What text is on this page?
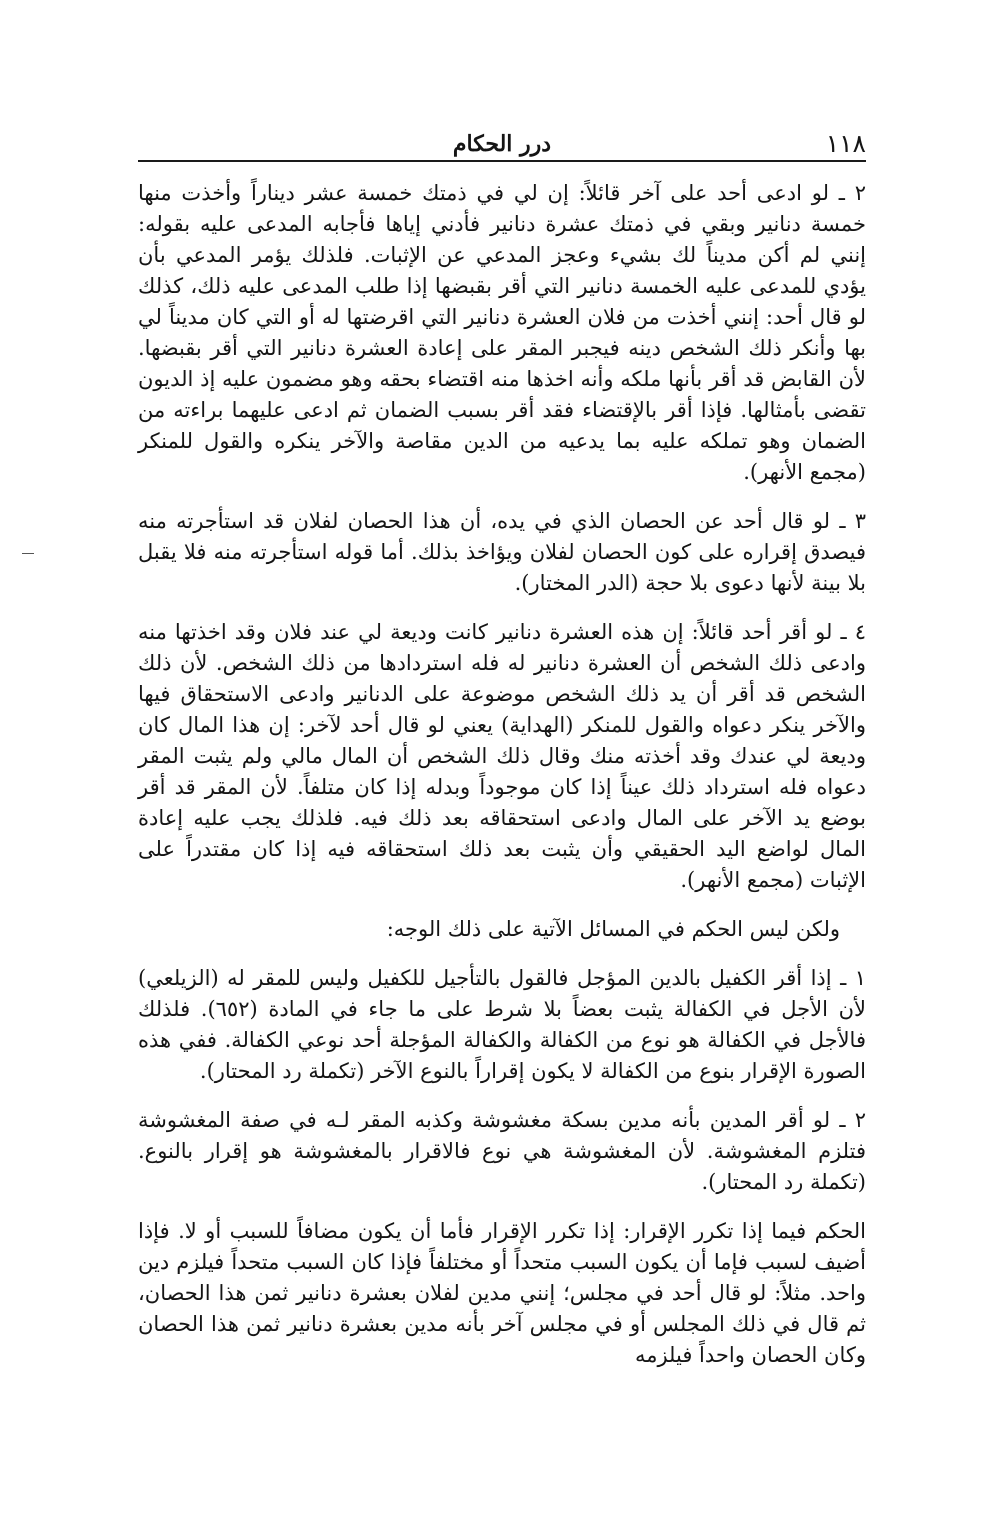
١١٨
درر الحكام

٢ ـ لو ادعى أحد على آخر قائلاً: إن لي في ذمتك خمسة عشر ديناراً وأخذت منها خمسة دنانير وبقي في ذمتك عشرة دنانير فأدني إياها فأجابه المدعى عليه بقوله: إنني لم أكن مديناً لك بشيء وعجز المدعي عن الإثبات. فلذلك يؤمر المدعي بأن يؤدي للمدعى عليه الخمسة دنانير التي أقر بقبضها إذا طلب المدعى عليه ذلك، كذلك لو قال أحد: إنني أخذت من فلان العشرة دنانير التي اقرضتها له أو التي كان مديناً لي بها وأنكر ذلك الشخص دينه فيجبر المقر على إعادة العشرة دنانير التي أقر بقبضها. لأن القابض قد أقر بأنها ملكه وأنه اخذها منه اقتضاء بحقه وهو مضمون عليه إذ الديون تقضى بأمثالها. فإذا أقر بالإقتضاء فقد أقر بسبب الضمان ثم ادعى عليهما براءته من الضمان وهو تملكه عليه بما يدعيه من الدين مقاصة والآخر ينكره والقول للمنكر (مجمع الأنهر).

٣ ـ لو قال أحد عن الحصان الذي في يده، أن هذا الحصان لفلان قد استأجرته منه فيصدق إقراره على كون الحصان لفلان ويؤاخذ بذلك. أما قوله استأجرته منه فلا يقبل بلا بينة لأنها دعوى بلا حجة (الدر المختار).

٤ ـ لو أقر أحد قائلاً: إن هذه العشرة دنانير كانت وديعة لي عند فلان وقد اخذتها منه وادعى ذلك الشخص أن العشرة دنانير له فله استردادها من ذلك الشخص. لأن ذلك الشخص قد أقر أن يد ذلك الشخص موضوعة على الدنانير وادعى الاستحقاق فيها والآخر ينكر دعواه والقول للمنكر (الهداية) يعني لو قال أحد لآخر: إن هذا المال كان وديعة لي عندك وقد أخذته منك وقال ذلك الشخص أن المال مالي ولم يثبت المقر دعواه فله استرداد ذلك عيناً إذا كان موجوداً وبدله إذا كان متلفاً. لأن المقر قد أقر بوضع يد الآخر على المال وادعى استحقاقه بعد ذلك فيه. فلذلك يجب عليه إعادة المال لواضع اليد الحقيقي وأن يثبت بعد ذلك استحقاقه فيه إذا كان مقتدراً على الإثبات (مجمع الأنهر).

ولكن ليس الحكم في المسائل الآتية على ذلك الوجه:

١ ـ إذا أقر الكفيل بالدين المؤجل فالقول بالتأجيل للكفيل وليس للمقر له (الزيلعي) لأن الأجل في الكفالة يثبت بعضاً بلا شرط على ما جاء في المادة (٦٥٢). فلذلك فالأجل في الكفالة هو نوع من الكفالة والكفالة المؤجلة أحد نوعي الكفالة. ففي هذه الصورة الإقرار بنوع من الكفالة لا يكون إقراراً بالنوع الآخر (تكملة رد المحتار).

٢ ـ لو أقر المدين بأنه مدين بسكة مغشوشة وكذبه المقر لـه في صفة المغشوشة فتلزم المغشوشة. لأن المغشوشة هي نوع فالاقرار بالمغشوشة هو إقرار بالنوع. (تكملة رد المحتار).

الحكم فيما إذا تكرر الإقرار: إذا تكرر الإقرار فأما أن يكون مضافاً للسبب أو لا. فإذا أضيف لسبب فإما أن يكون السبب متحداً أو مختلفاً فإذا كان السبب متحداً فيلزم دين واحد. مثلاً: لو قال أحد في مجلس؛ إنني مدين لفلان بعشرة دنانير ثمن هذا الحصان، ثم قال في ذلك المجلس أو في مجلس آخر بأنه مدين بعشرة دنانير ثمن هذا الحصان وكان الحصان واحداً فيلزمه
